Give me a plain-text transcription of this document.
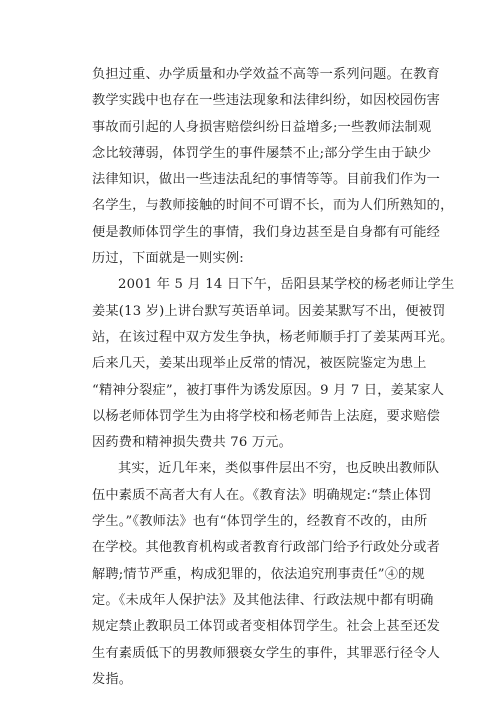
负担过重、办学质量和办学效益不高等一系列问题。在教育
教学实践中也存在一些违法现象和法律纠纷，如因校园伤害
事故而引起的人身损害赔偿纠纷日益增多;一些教师法制观
念比较薄弱，体罚学生的事件屡禁不止;部分学生由于缺少
法律知识，做出一些违法乱纪的事情等等。目前我们作为一
名学生，与教师接触的时间不可谓不长，而为人们所熟知的，
便是教师体罚学生的事情，我们身边甚至是自身都有可能经
历过，下面就是一则实例:
2001 年 5 月 14 日下午，岳阳县某学校的杨老师让学生
姜某(13 岁)上讲台默写英语单词。因姜某默写不出，便被罚
站，在该过程中双方发生争执，杨老师顺手打了姜某两耳光。
后来几天，姜某出现举止反常的情况，被医院鉴定为患上
“精神分裂症”，被打事件为诱发原因。9 月 7 日，姜某家人
以杨老师体罚学生为由将学校和杨老师告上法庭，要求赔偿
因药费和精神损失费共 76 万元。
其实，近几年来，类似事件层出不穷，也反映出教师队
伍中素质不高者大有人在。《教育法》明确规定:“禁止体罚
学生。”《教师法》也有“体罚学生的，经教育不改的，由所
在学校。其他教育机构或者教育行政部门给予行政处分或者
解聘;情节严重，构成犯罪的，依法追究刑事责任”④的规
定。《未成年人保护法》及其他法律、行政法规中都有明确
规定禁止教职员工体罚或者变相体罚学生。社会上甚至还发
生有素质低下的男教师猥亵女学生的事件，其罪恶行径令人
发指。
